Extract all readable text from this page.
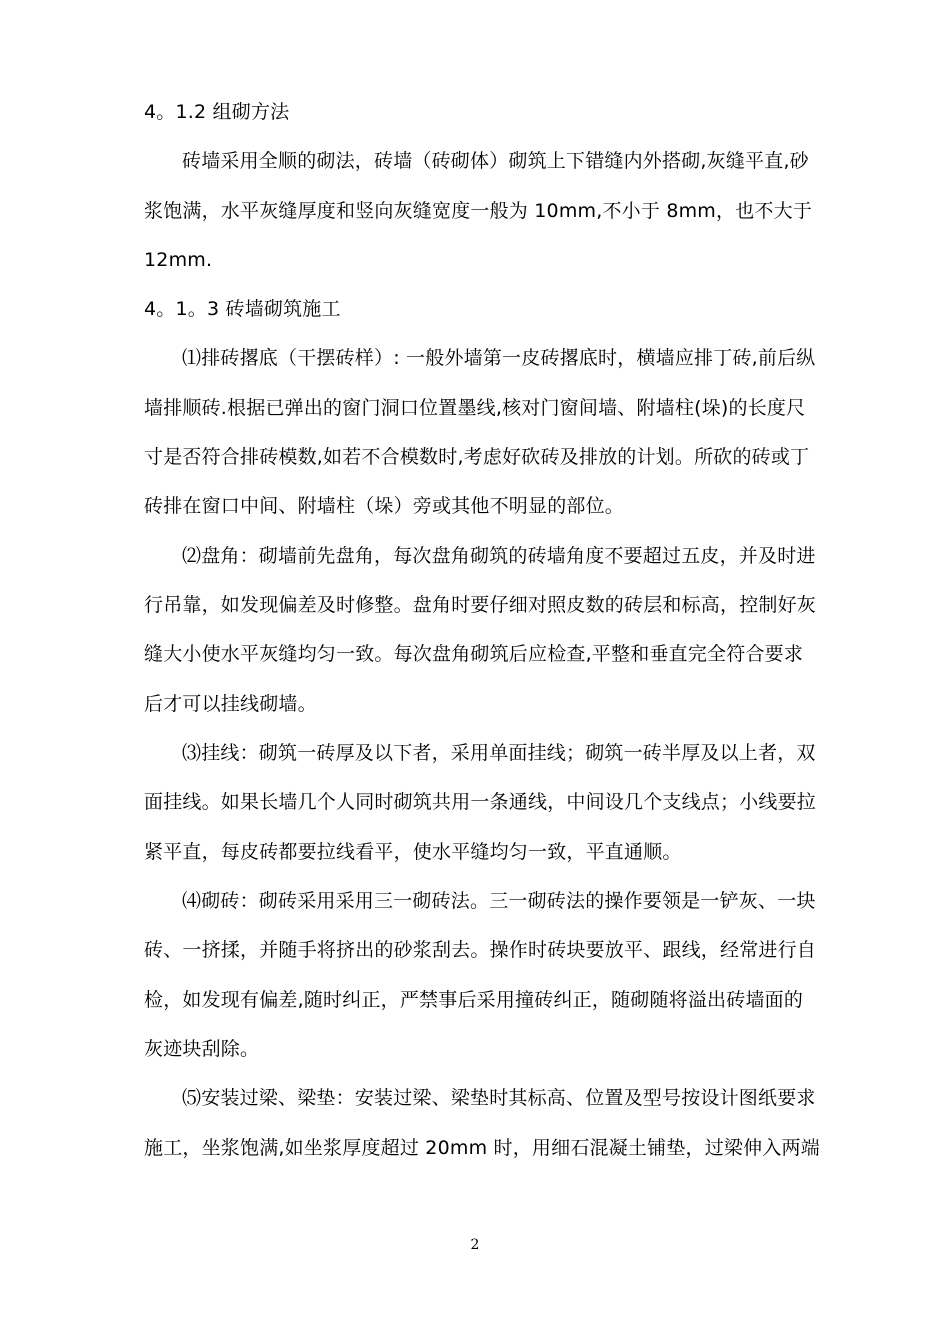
4。1.2 组砌方法
砖墙采用全顺的砌法，砖墙（砖砌体）砌筑上下错缝内外搭砌,灰缝平直,砂
浆饱满，水平灰缝厚度和竖向灰缝宽度一般为 10mm,不小于 8mm，也不大于
12mm.
4。1。3 砖墙砌筑施工
⑴排砖撂底（干摆砖样）: 一般外墙第一皮砖撂底时，横墙应排丁砖,前后纵
墙排顺砖.根据已弹出的窗门洞口位置墨线,核对门窗间墙、附墙柱(垛)的长度尺
寸是否符合排砖模数,如若不合模数时,考虑好砍砖及排放的计划。所砍的砖或丁
砖排在窗口中间、附墙柱（垛）旁或其他不明显的部位。
⑵盘角：砌墙前先盘角，每次盘角砌筑的砖墙角度不要超过五皮，并及时进
行吊靠，如发现偏差及时修整。盘角时要仔细对照皮数的砖层和标高，控制好灰
缝大小使水平灰缝均匀一致。每次盘角砌筑后应检查,平整和垂直完全符合要求
后才可以挂线砌墙。
⑶挂线：砌筑一砖厚及以下者，采用单面挂线；砌筑一砖半厚及以上者，双
面挂线。如果长墙几个人同时砌筑共用一条通线，中间设几个支线点；小线要拉
紧平直，每皮砖都要拉线看平，使水平缝均匀一致，平直通顺。
⑷砌砖：砌砖采用采用三一砌砖法。三一砌砖法的操作要领是一铲灰、一块
砖、一挤揉，并随手将挤出的砂浆刮去。操作时砖块要放平、跟线，经常进行自
检，如发现有偏差,随时纠正，严禁事后采用撞砖纠正，随砌随将溢出砖墙面的
灰迹块刮除。
⑸安装过梁、梁垫：安装过梁、梁垫时其标高、位置及型号按设计图纸要求
施工，坐浆饱满,如坐浆厚度超过 20mm 时，用细石混凝土铺垫，过梁伸入两端
2
